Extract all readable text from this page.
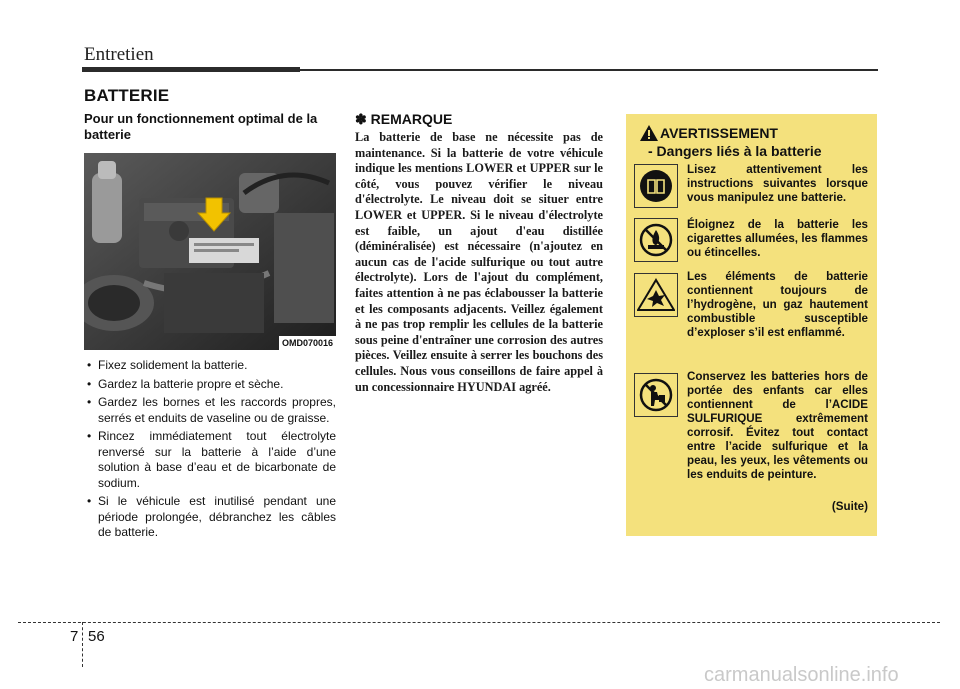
Entretien
BATTERIE
Pour un fonctionnement optimal de la batterie
OMD070016
• Fixez solidement la batterie.
• Gardez la batterie propre et sèche.
• Gardez les bornes et les raccords propres, serrés et enduits de vaseline ou de graisse.
• Rincez immédiatement tout électrolyte renversé sur la batterie à l’aide d’une solution à base d’eau et de bicarbonate de sodium.
• Si le véhicule est inutilisé pendant une période prolongée, débranchez les câbles de batterie.
✽ REMARQUE
La batterie de base ne nécessite pas de maintenance. Si la batterie de votre véhicule indique les mentions LOWER et UPPER sur le côté, vous pouvez vérifier le niveau d'électrolyte. Le niveau doit se situer entre LOWER et UPPER. Si le niveau d'électrolyte est faible, un ajout d'eau distillée (déminéralisée) est nécessaire (n'ajoutez en aucun cas de l'acide sulfurique ou tout autre électrolyte). Lors de l'ajout du complément, faites attention à ne pas éclabousser la batterie et les composants adjacents. Veillez également à ne pas trop remplir les cellules de la batterie sous peine d'entraîner une corrosion des autres pièces. Veillez ensuite à serrer les bouchons des cellules. Nous vous conseillons de faire appel à un concessionnaire HYUNDAI agréé.
AVERTISSEMENT
- Dangers liés à la batterie
Lisez attentivement les instructions suivantes lorsque vous manipulez une batterie.
Éloignez de la batterie les cigarettes allumées, les flammes ou étincelles.
Les éléments de batterie contiennent toujours de l’hydrogène, un gaz hautement combustible susceptible d’exploser s’il est enflammé.
Conservez les batteries hors de portée des enfants car elles contiennent de l’ACIDE SULFURIQUE extrêmement corrosif. Évitez tout contact entre l’acide sulfurique et la peau, les yeux, les vêtements ou les enduits de peinture.
(Suite)
7 56
carmanualsonline.info
